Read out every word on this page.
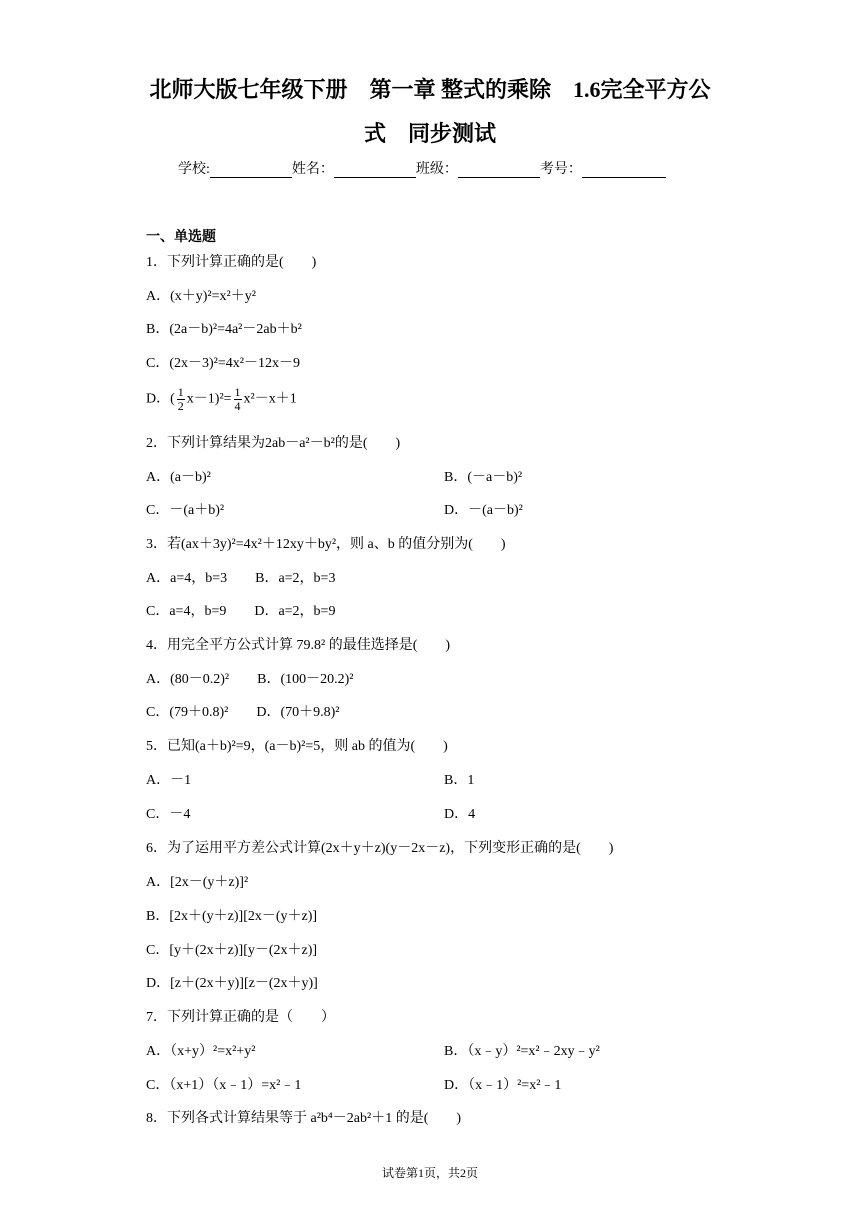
北师大版七年级下册　第一章 整式的乘除　1.6完全平方公
式　同步测试
学校:	姓名：	班级：	考号：
一、单选题
1．下列计算正确的是(　　)
A．(x＋y)²=x²＋y²
B．(2a－b)²=4a²－2ab＋b²
C．(2x－3)²=4x²－12x－9
D．( $\frac{1}{2} x-1)^2= \frac{1}{4} x^2-x+1$
2．下列计算结果为2ab－a²－b²的是(　　)
A．(a－b)²	B．(－a－b)²
C．－(a＋b)²	D．－(a－b)²
3．若(ax＋3y)²=4x²＋12xy＋by²，则 a、b 的值分别为(　　)
A．a=4，b=3　　B．a=2，b=3
C．a=4，b=9　　D．a=2，b=9
4．用完全平方公式计算 79.8² 的最佳选择是(　　)
A．(80－0.2)²　　B．(100－20.2)²
C．(79＋0.8)²　　D．(70＋9.8)²
5．已知(a＋b)²=9，(a－b)²=5，则 ab 的值为(　　)
A．－1	B．1
C．－4	D．4
6．为了运用平方差公式计算(2x＋y＋z)(y－2x－z)，下列变形正确的是(　　)
A．[2x－(y＋z)]²
B．[2x＋(y＋z)][2x－(y＋z)]
C．[y＋(2x＋z)][y－(2x＋z)]
D．[z＋(2x＋y)][z－(2x＋y)]
7．下列计算正确的是（　　）
A．（x+y）²=x²+y²	B．（x﹣y）²=x²﹣2xy﹣y²
C．（x+1）（x﹣1）=x²﹣1	D．（x﹣1）²=x²﹣1
8．下列各式计算结果等于 a²b⁴－2ab²＋1 的是(　　)
试卷第1页，共2页
